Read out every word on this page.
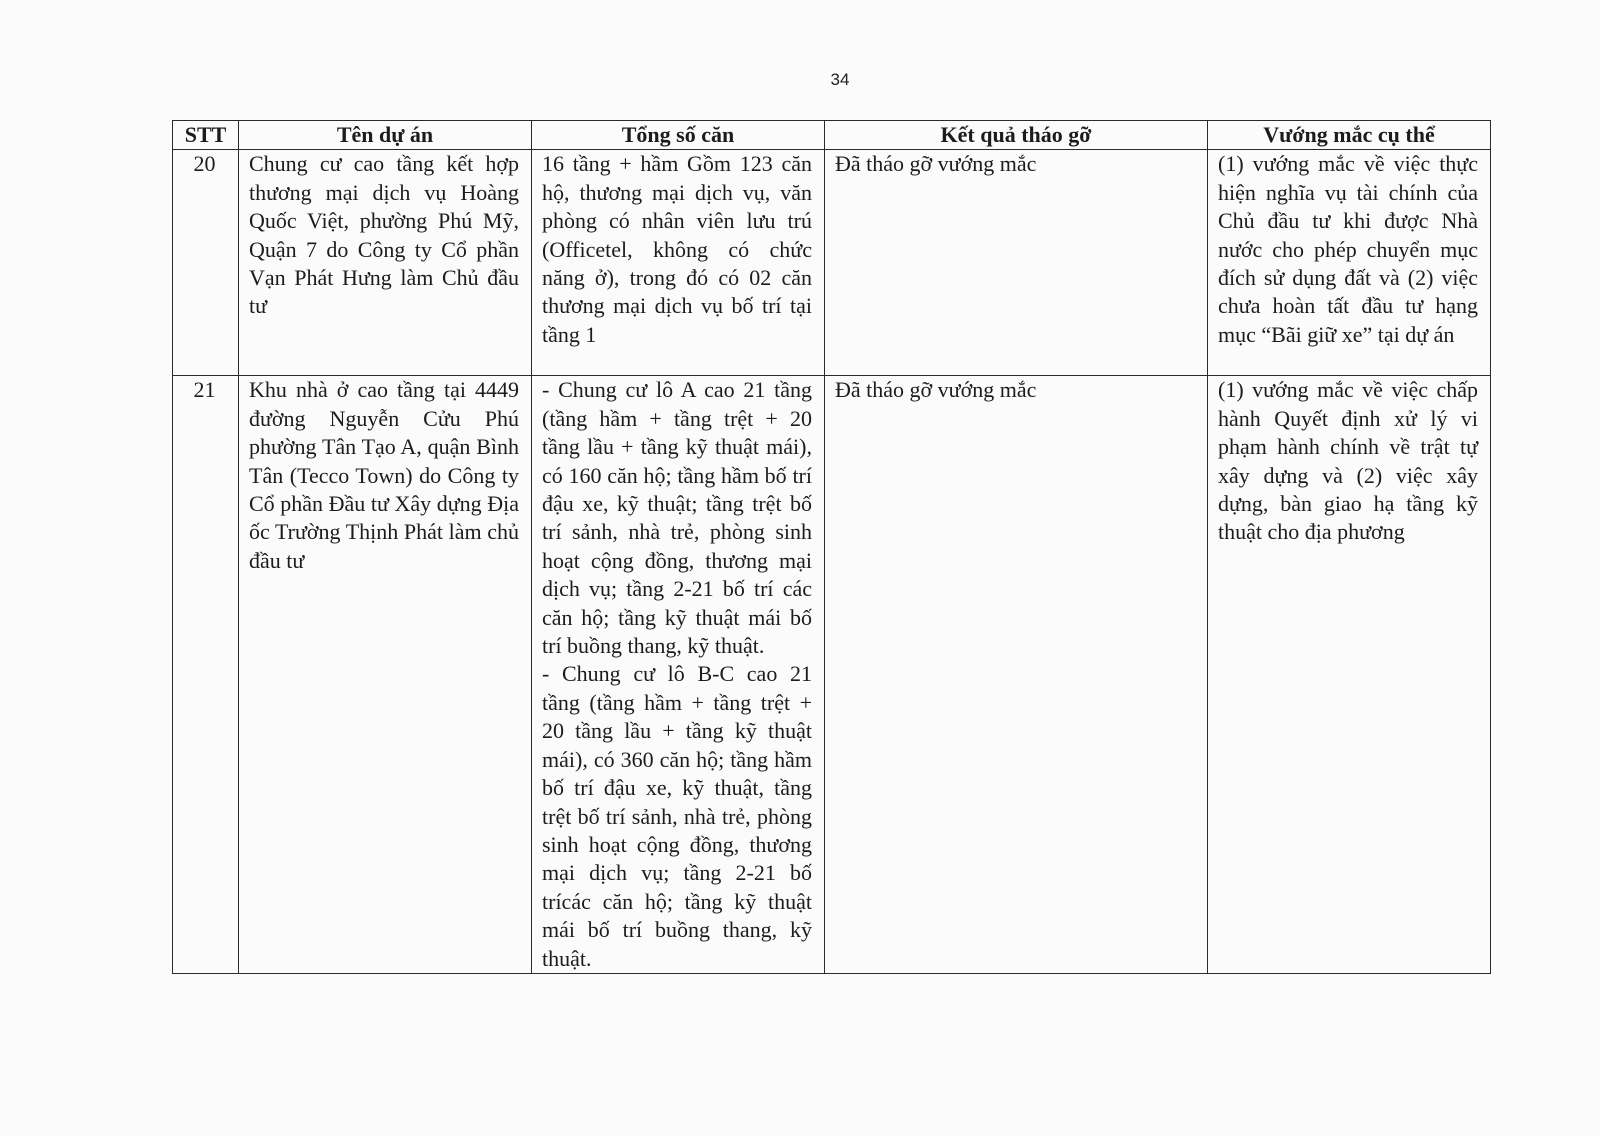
34
STT	Tên dự án	Tổng số căn	Kết quả tháo gỡ	Vướng mắc cụ thể
20	Chung cư cao tầng kết hợp thương mại dịch vụ Hoàng Quốc Việt, phường Phú Mỹ, Quận 7 do Công ty Cổ phần Vạn Phát Hưng làm Chủ đầu tư	16 tầng + hầm Gồm 123 căn hộ, thương mại dịch vụ, văn phòng có nhân viên lưu trú (Officetel, không có chức năng ở), trong đó có 02 căn thương mại dịch vụ bố trí tại tầng 1	Đã tháo gỡ vướng mắc	(1) vướng mắc về việc thực hiện nghĩa vụ tài chính của Chủ đầu tư khi được Nhà nước cho phép chuyển mục đích sử dụng đất và (2) việc chưa hoàn tất đầu tư hạng mục “Bãi giữ xe” tại dự án
21	Khu nhà ở cao tầng tại 4449 đường Nguyễn Cửu Phú phường Tân Tạo A, quận Bình Tân (Tecco Town) do Công ty Cổ phần Đầu tư Xây dựng Địa ốc Trường Thịnh Phát làm chủ đầu tư	- Chung cư lô A cao 21 tầng (tầng hầm + tầng trệt + 20 tầng lầu + tầng kỹ thuật mái), có 160 căn hộ; tầng hầm bố trí đậu xe, kỹ thuật; tầng trệt bố trí sảnh, nhà trẻ, phòng sinh hoạt cộng đồng, thương mại dịch vụ; tầng 2-21 bố trí các căn hộ; tầng kỹ thuật mái bố trí buồng thang, kỹ thuật.
- Chung cư lô B-C cao 21 tầng (tầng hầm + tầng trệt + 20 tầng lầu + tầng kỹ thuật mái), có 360 căn hộ; tầng hầm bố trí đậu xe, kỹ thuật, tầng trệt bố trí sảnh, nhà trẻ, phòng sinh hoạt cộng đồng, thương mại dịch vụ; tầng 2-21 bố trícác căn hộ; tầng kỹ thuật mái bố trí buồng thang, kỹ thuật.	Đã tháo gỡ vướng mắc	(1) vướng mắc về việc chấp hành Quyết định xử lý vi phạm hành chính về trật tự xây dựng và (2) việc xây dựng, bàn giao hạ tầng kỹ thuật cho địa phương
